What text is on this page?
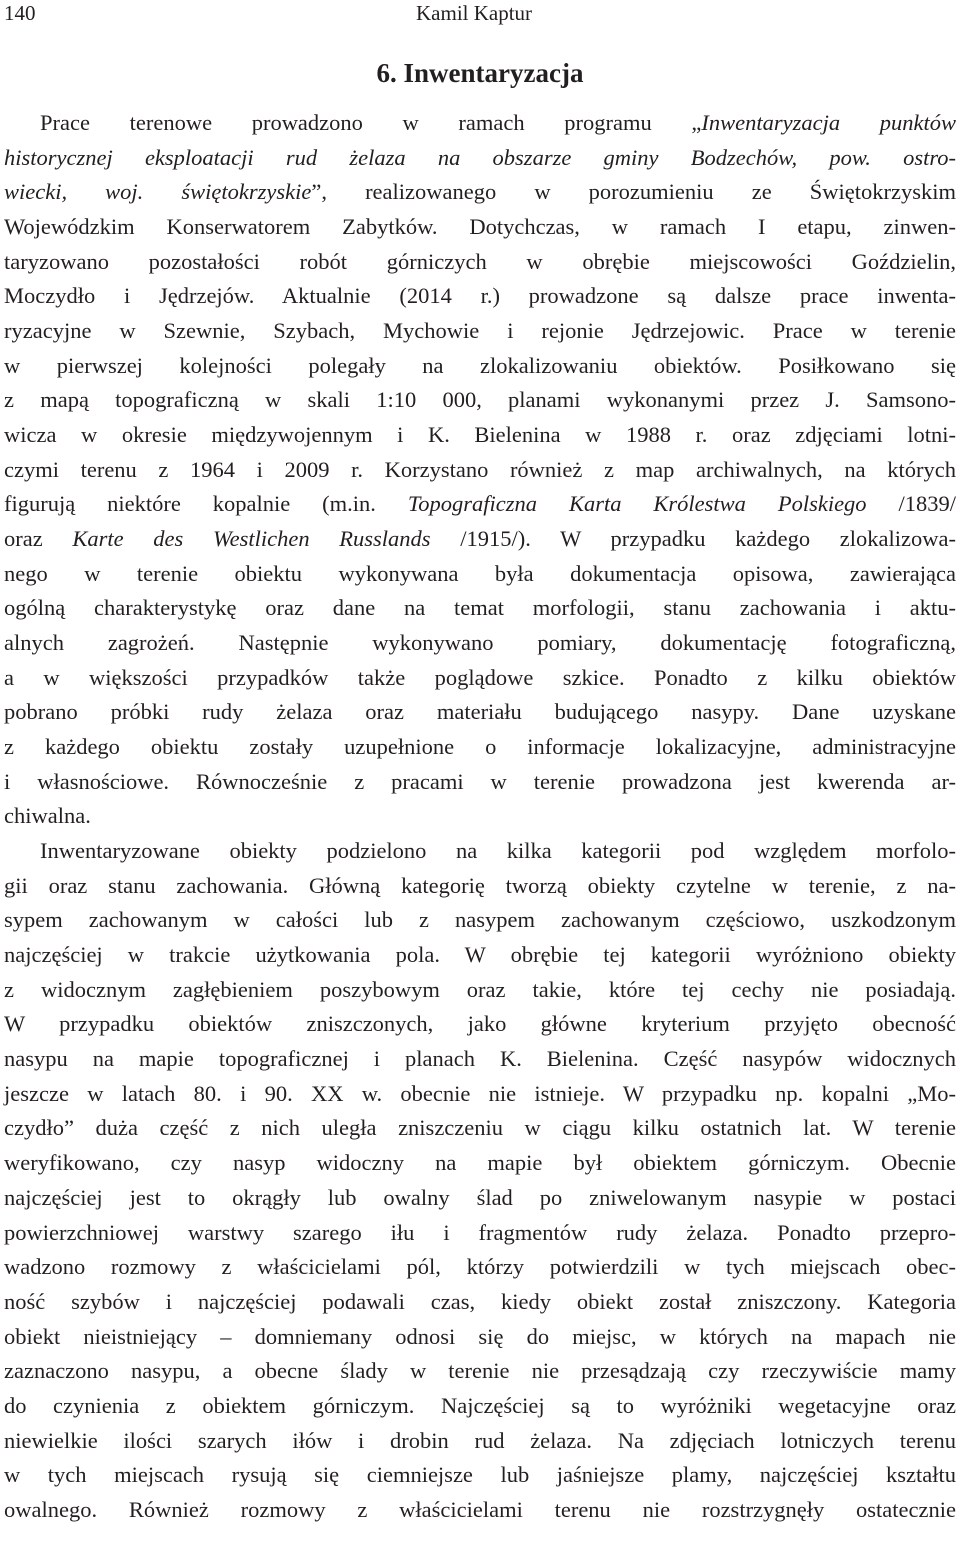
140	Kamil Kaptur
6. Inwentaryzacja
Prace terenowe prowadzono w ramach programu „Inwentaryzacja punktów
historycznej eksploatacji rud żelaza na obszarze gminy Bodzechów, pow. ostro-
wiecki, woj. świętokrzyskie”, realizowanego w porozumieniu ze Świętokrzyskim
Wojewódzkim Konserwatorem Zabytków. Dotychczas, w ramach I etapu, zinwen-
taryzowano pozostałości robót górniczych w obrębie miejscowości Goździelin,
Moczydło i Jędrzejów. Aktualnie (2014 r.) prowadzone są dalsze prace inwenta-
ryzacyjne w Szewnie, Szybach, Mychowie i rejonie Jędrzejowic. Prace w terenie
w pierwszej kolejności polegały na zlokalizowaniu obiektów. Posiłkowano się
z mapą topograficzną w skali 1:10 000, planami wykonanymi przez J. Samsono-
wicza w okresie międzywojennym i K. Bielenina w 1988 r. oraz zdjęciami lotni-
czymi terenu z 1964 i 2009 r. Korzystano również z map archiwalnych, na których
figurują niektóre kopalnie (m.in. Topograficzna Karta Królestwa Polskiego /1839/
oraz Karte des Westlichen Russlands /1915/). W przypadku każdego zlokalizowa-
nego w terenie obiektu wykonywana była dokumentacja opisowa, zawierająca
ogólną charakterystykę oraz dane na temat morfologii, stanu zachowania i aktu-
alnych zagrożeń. Następnie wykonywano pomiary, dokumentację fotograficzną,
a w większości przypadków także poglądowe szkice. Ponadto z kilku obiektów
pobrano próbki rudy żelaza oraz materiału budującego nasypy. Dane uzyskane
z każdego obiektu zostały uzupełnione o informacje lokalizacyjne, administracyjne
i własnościowe. Równocześnie z pracami w terenie prowadzona jest kwerenda ar-
chiwalna.
Inwentaryzowane obiekty podzielono na kilka kategorii pod względem morfolo-
gii oraz stanu zachowania. Główną kategorię tworzą obiekty czytelne w terenie, z na-
sypem zachowanym w całości lub z nasypem zachowanym częściowo, uszkodzonym
najczęściej w trakcie użytkowania pola. W obrębie tej kategorii wyróżniono obiekty
z widocznym zagłębieniem poszybowym oraz takie, które tej cechy nie posiadają.
W przypadku obiektów zniszczonych, jako główne kryterium przyjęto obecność
nasypu na mapie topograficznej i planach K. Bielenina. Część nasypów widocznych
jeszcze w latach 80. i 90. XX w. obecnie nie istnieje. W przypadku np. kopalni „Mo-
czydło” duża część z nich uległa zniszczeniu w ciągu kilku ostatnich lat. W terenie
weryfikowano, czy nasyp widoczny na mapie był obiektem górniczym. Obecnie
najczęściej jest to okrągły lub owalny ślad po zniwelowanym nasypie w postaci
powierzchniowej warstwy szarego iłu i fragmentów rudy żelaza. Ponadto przepro-
wadzono rozmowy z właścicielami pól, którzy potwierdzili w tych miejscach obec-
ność szybów i najczęściej podawali czas, kiedy obiekt został zniszczony. Kategoria
obiekt nieistniejący – domniemany odnosi się do miejsc, w których na mapach nie
zaznaczono nasypu, a obecne ślady w terenie nie przesądzają czy rzeczywiście mamy
do czynienia z obiektem górniczym. Najczęściej są to wyróżniki wegetacyjne oraz
niewielkie ilości szarych iłów i drobin rud żelaza. Na zdjęciach lotniczych terenu
w tych miejscach rysują się ciemniejsze lub jaśniejsze plamy, najczęściej kształtu
owalnego. Również rozmowy z właścicielami terenu nie rozstrzygnęły ostatecznie
